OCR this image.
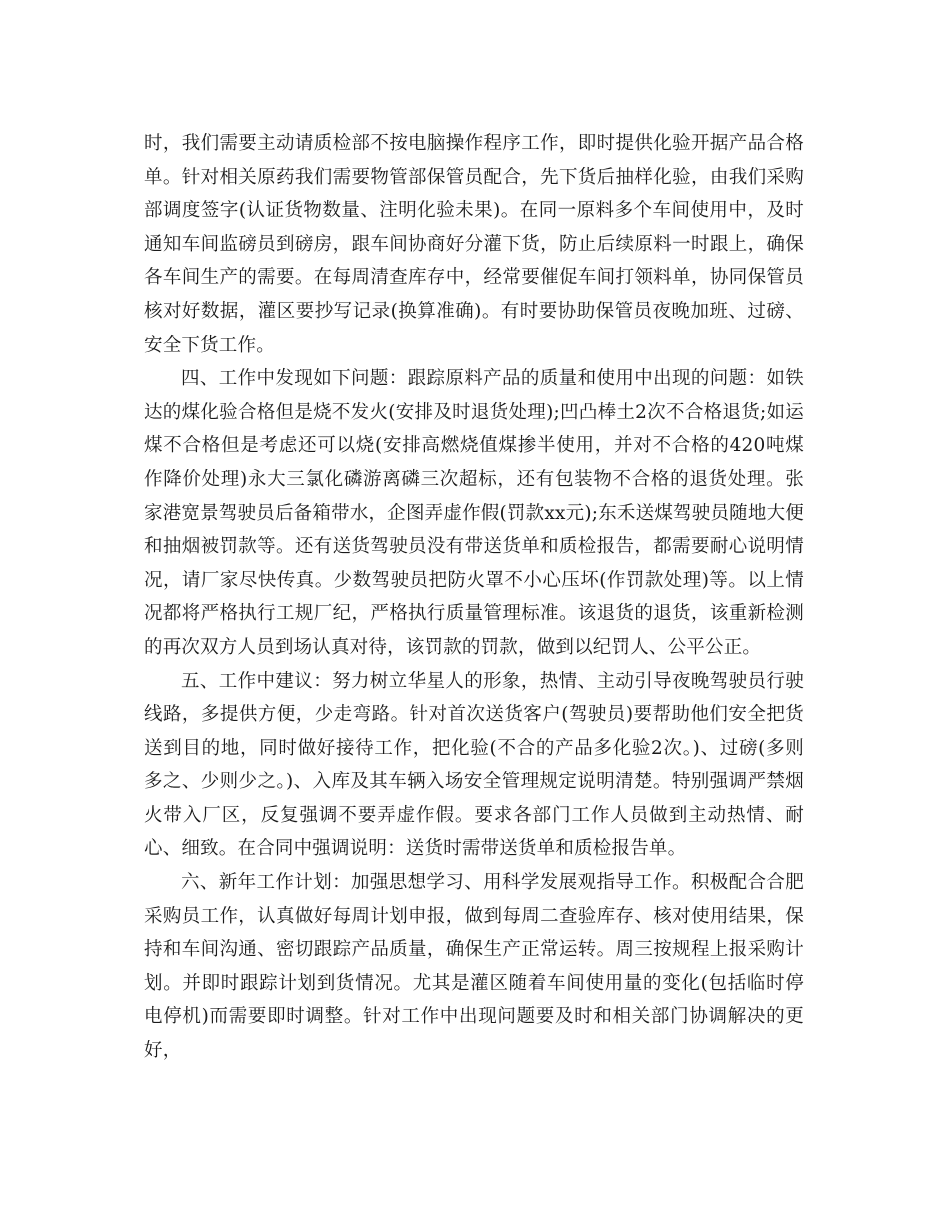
时，我们需要主动请质检部不按电脑操作程序工作，即时提供化验开据产品合格单。针对相关原药我们需要物管部保管员配合，先下货后抽样化验，由我们采购部调度签字(认证货物数量、注明化验未果)。在同一原料多个车间使用中，及时通知车间监磅员到磅房，跟车间协商好分灌下货，防止后续原料一时跟上，确保各车间生产的需要。在每周清查库存中，经常要催促车间打领料单，协同保管员核对好数据，灌区要抄写记录(换算准确)。有时要协助保管员夜晚加班、过磅、安全下货工作。

四、工作中发现如下问题：跟踪原料产品的质量和使用中出现的问题：如铁达的煤化验合格但是烧不发火(安排及时退货处理);凹凸棒土2次不合格退货;如运煤不合格但是考虑还可以烧(安排高燃烧值煤掺半使用，并对不合格的420吨煤作降价处理)永大三氯化磷游离磷三次超标，还有包装物不合格的退货处理。张家港宽景驾驶员后备箱带水，企图弄虚作假(罚款xx元);东禾送煤驾驶员随地大便和抽烟被罚款等。还有送货驾驶员没有带送货单和质检报告，都需要耐心说明情况，请厂家尽快传真。少数驾驶员把防火罩不小心压坏(作罚款处理)等。以上情况都将严格执行工规厂纪，严格执行质量管理标准。该退货的退货，该重新检测的再次双方人员到场认真对待，该罚款的罚款，做到以纪罚人、公平公正。

五、工作中建议：努力树立华星人的形象，热情、主动引导夜晚驾驶员行驶线路，多提供方便，少走弯路。针对首次送货客户(驾驶员)要帮助他们安全把货送到目的地，同时做好接待工作，把化验(不合的产品多化验2次。)、过磅(多则多之、少则少之。)、入库及其车辆入场安全管理规定说明清楚。特别强调严禁烟火带入厂区，反复强调不要弄虚作假。要求各部门工作人员做到主动热情、耐心、细致。在合同中强调说明：送货时需带送货单和质检报告单。

六、新年工作计划：加强思想学习、用科学发展观指导工作。积极配合合肥采购员工作，认真做好每周计划申报，做到每周二查验库存、核对使用结果，保持和车间沟通、密切跟踪产品质量，确保生产正常运转。周三按规程上报采购计划。并即时跟踪计划到货情况。尤其是灌区随着车间使用量的变化(包括临时停电停机)而需要即时调整。针对工作中出现问题要及时和相关部门协调解决的更好，
